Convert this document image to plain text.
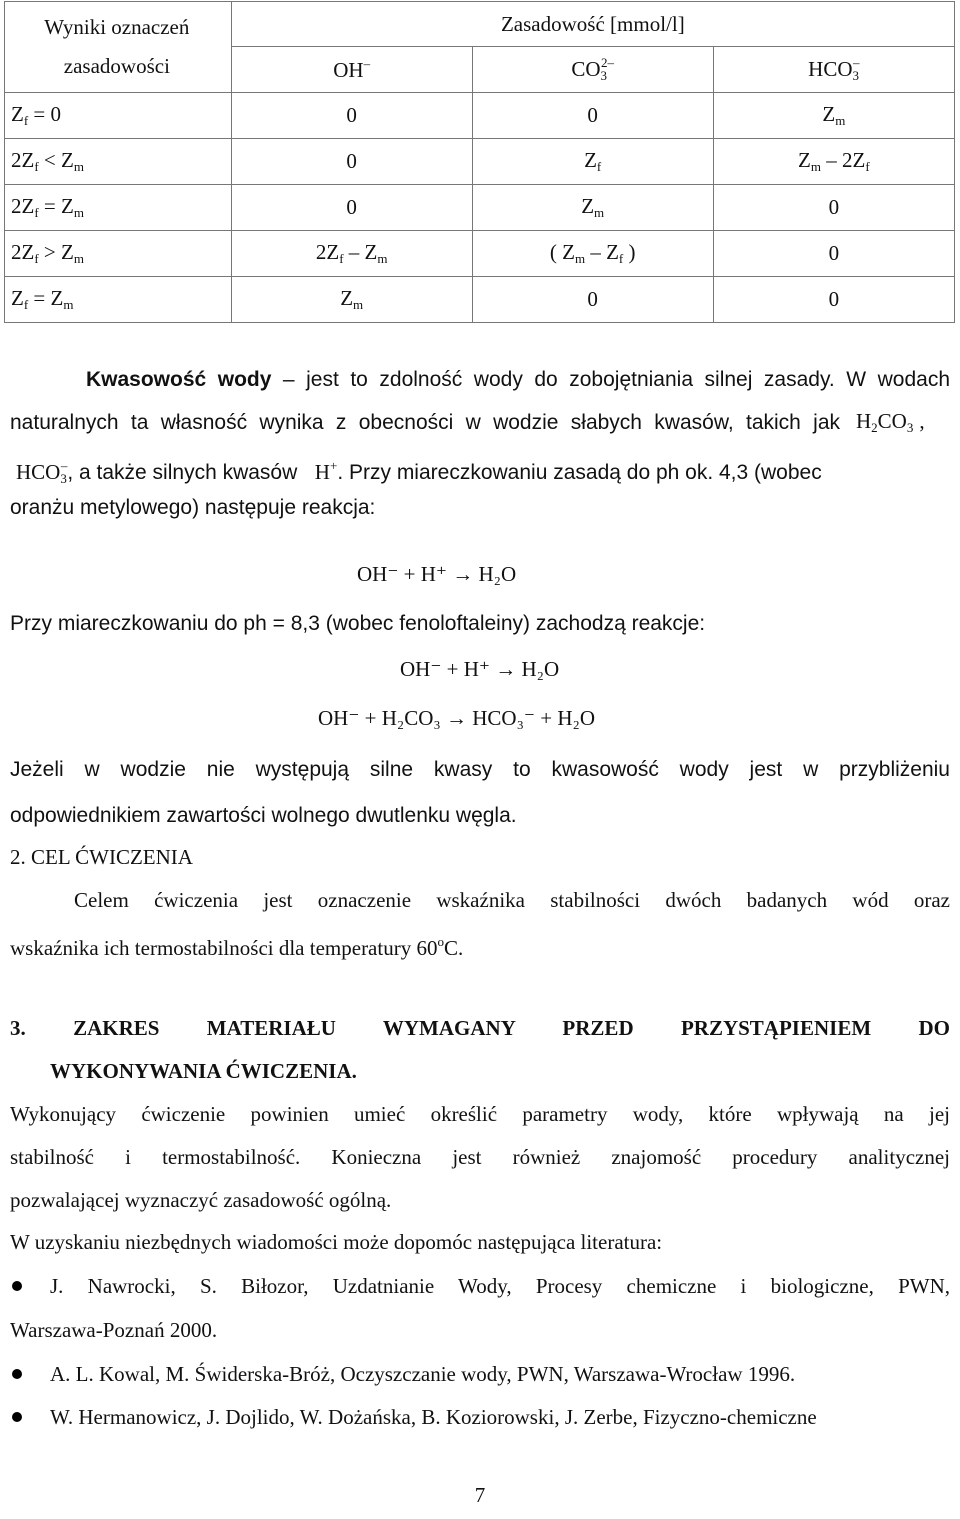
Wyniki oznaczeń
zasadowości	Zasadowość [mmol/l]		
	OH–	$CO_3^{2-}$	$HCO_3^-$
$Z_f = 0$	0	0	$Z_m$
$2Z_f < Z_m$	0	$Z_f$	$Z_m - 2Z_f$
$2Z_f = Z_m$	0	$Z_m$	0
$2Z_f > Z_m$	$2Z_f - Z_m$	( $Z_m - Z_f$ )	0
$Z_f = Z_m$	$Z_m$	0	0
Kwasowość wody – jest to zdolność wody do zobojętniania silnej zasady. W wodach
naturalnych ta własność wynika z obecności w wodzie słabych kwasów, takich jak $H_2CO_3$ ,
$HCO_3^-$, a także silnych kwasów H+. Przy miareczkowaniu zasadą do ph ok. 4,3 (wobec
oranżu metylowego) następuje reakcja:
OH⁻ + H⁺ → H₂O
Przy miareczkowaniu do ph = 8,3 (wobec fenoloftaleiny) zachodzą reakcje:
OH⁻ + H⁺ → H₂O
OH⁻ + H₂CO₃ → HCO₃⁻ + H₂O
Jeżeli w wodzie nie występują silne kwasy to kwasowość wody jest w przybliżeniu
odpowiednikiem zawartości wolnego dwutlenku węgla.
2. CEL ĆWICZENIA
Celem ćwiczenia jest oznaczenie wskaźnika stabilności dwóch badanych wód oraz
wskaźnika ich termostabilności dla temperatury 60$^o$C.
3. ZAKRES MATERIAŁU WYMAGANY PRZED PRZYSTĄPIENIEM DO
WYKONYWANIA ĆWICZENIA.
Wykonujący ćwiczenie powinien umieć określić parametry wody, które wpływają na jej
stabilność i termostabilność. Konieczna jest również znajomość procedury analitycznej
pozwalającej wyznaczyć zasadowość ogólną.
W uzyskaniu niezbędnych wiadomości może dopomóc następująca literatura:
J. Nawrocki, S. Biłozor, Uzdatnianie Wody, Procesy chemiczne i biologiczne, PWN,
Warszawa-Poznań 2000.
A. L. Kowal, M. Świderska-Bróż, Oczyszczanie wody, PWN, Warszawa-Wrocław 1996.
W. Hermanowicz, J. Dojlido, W. Dożańska, B. Koziorowski, J. Zerbe, Fizyczno-chemiczne
7
